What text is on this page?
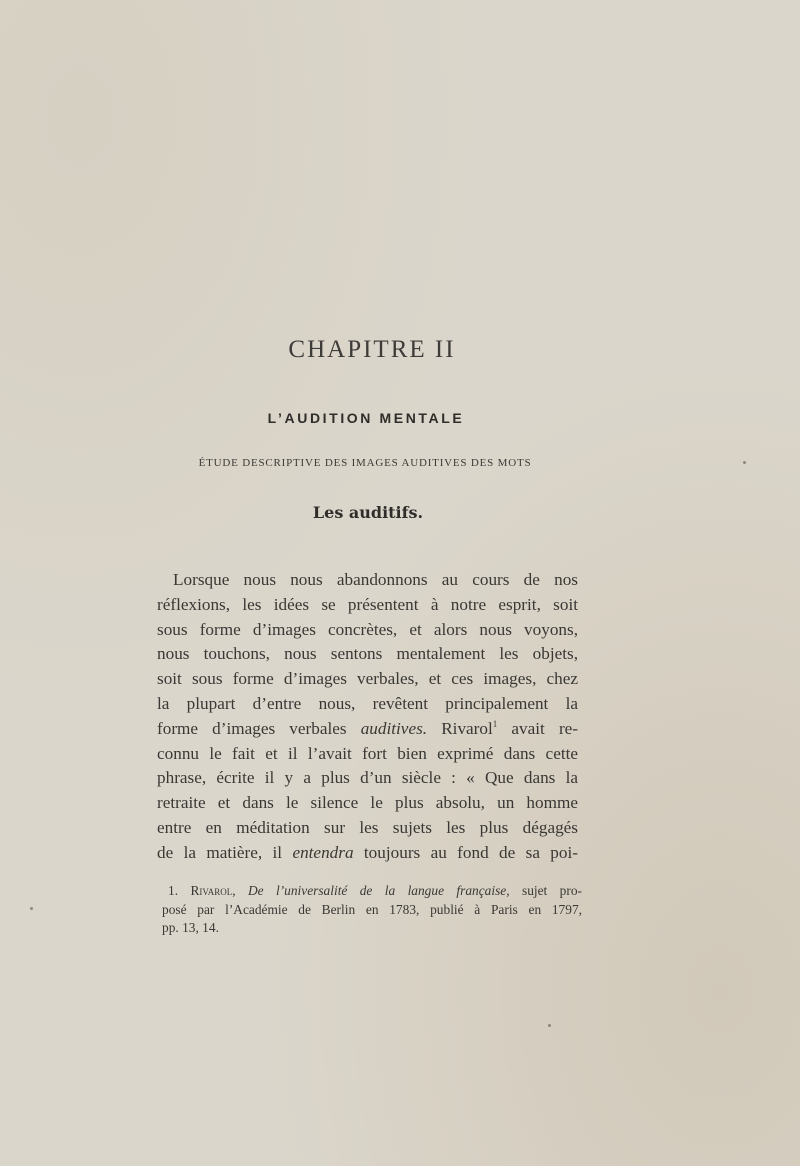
CHAPITRE II
L’AUDITION MENTALE
ÉTUDE DESCRIPTIVE DES IMAGES AUDITIVES DES MOTS
Les auditifs.
Lorsque nous nous abandonnons au cours de nos
réflexions, les idées se présentent à notre esprit, soit
sous forme d’images concrètes, et alors nous voyons,
nous touchons, nous sentons mentalement les objets,
soit sous forme d’images verbales, et ces images, chez
la plupart d’entre nous, revêtent principalement la
forme d’images verbales auditives. Rivarol$^1$ avait re-
connu le fait et il l’avait fort bien exprimé dans cette
phrase, écrite il y a plus d’un siècle : « Que dans la
retraite et dans le silence le plus absolu, un homme
entre en méditation sur les sujets les plus dégagés
de la matière, il entendra toujours au fond de sa poi-
1. Rivarol, De l’universalité de la langue française, sujet pro-
posé par l’Académie de Berlin en 1783, publié à Paris en 1797,
pp. 13, 14.
